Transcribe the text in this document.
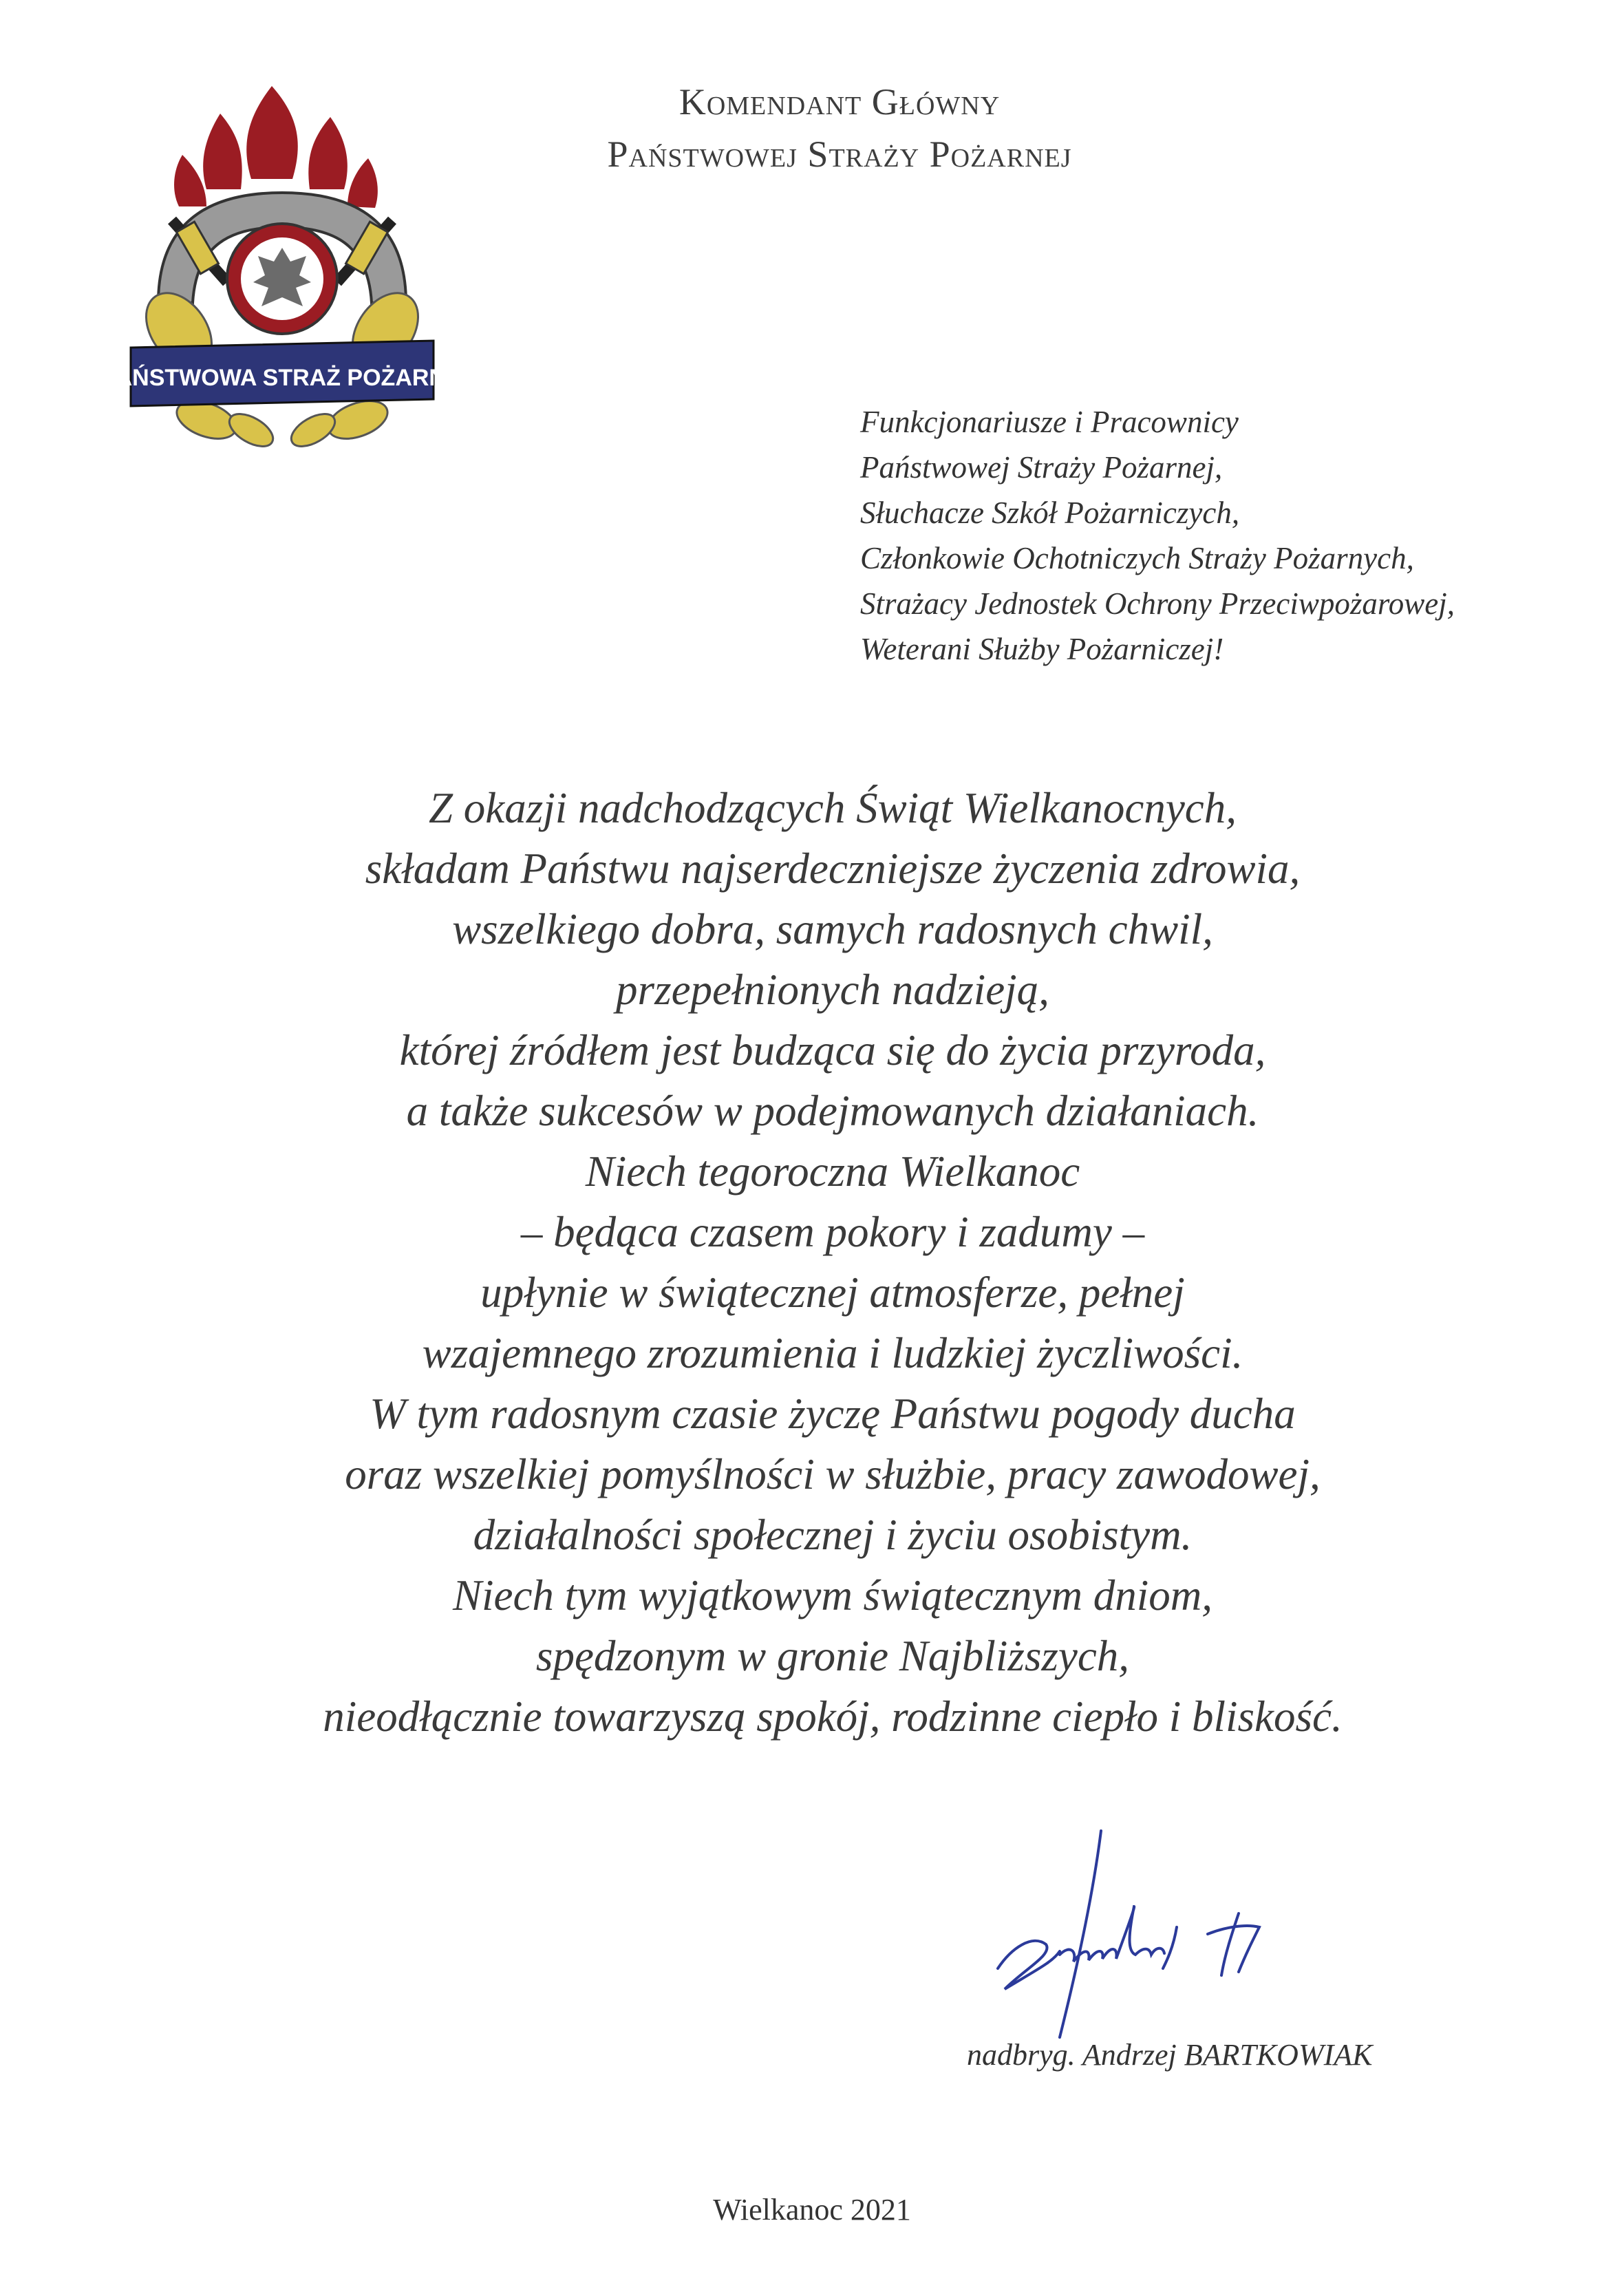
PAŃSTWOWA STRAŻ POŻARNA
Komendant Główny
Państwowej Straży Pożarnej
Funkcjonariusze i Pracownicy
Państwowej Straży Pożarnej,
Słuchacze Szkół Pożarniczych,
Członkowie Ochotniczych Straży Pożarnych,
Strażacy Jednostek Ochrony Przeciwpożarowej,
Weterani Służby Pożarniczej!
Z okazji nadchodzących Świąt Wielkanocnych,
składam Państwu najserdeczniejsze życzenia zdrowia,
wszelkiego dobra, samych radosnych chwil,
przepełnionych nadzieją,
której źródłem jest budząca się do życia przyroda,
a także sukcesów w podejmowanych działaniach.
Niech tegoroczna Wielkanoc
– będąca czasem pokory i zadumy –
upłynie w świątecznej atmosferze, pełnej
wzajemnego zrozumienia i ludzkiej życzliwości.
W tym radosnym czasie życzę Państwu pogody ducha
oraz wszelkiej pomyślności w służbie, pracy zawodowej,
działalności społecznej i życiu osobistym.
Niech tym wyjątkowym świątecznym dniom,
spędzonym w gronie Najbliższych,
nieodłącznie towarzyszą spokój, rodzinne ciepło i bliskość.
nadbryg. Andrzej BARTKOWIAK
Wielkanoc 2021
